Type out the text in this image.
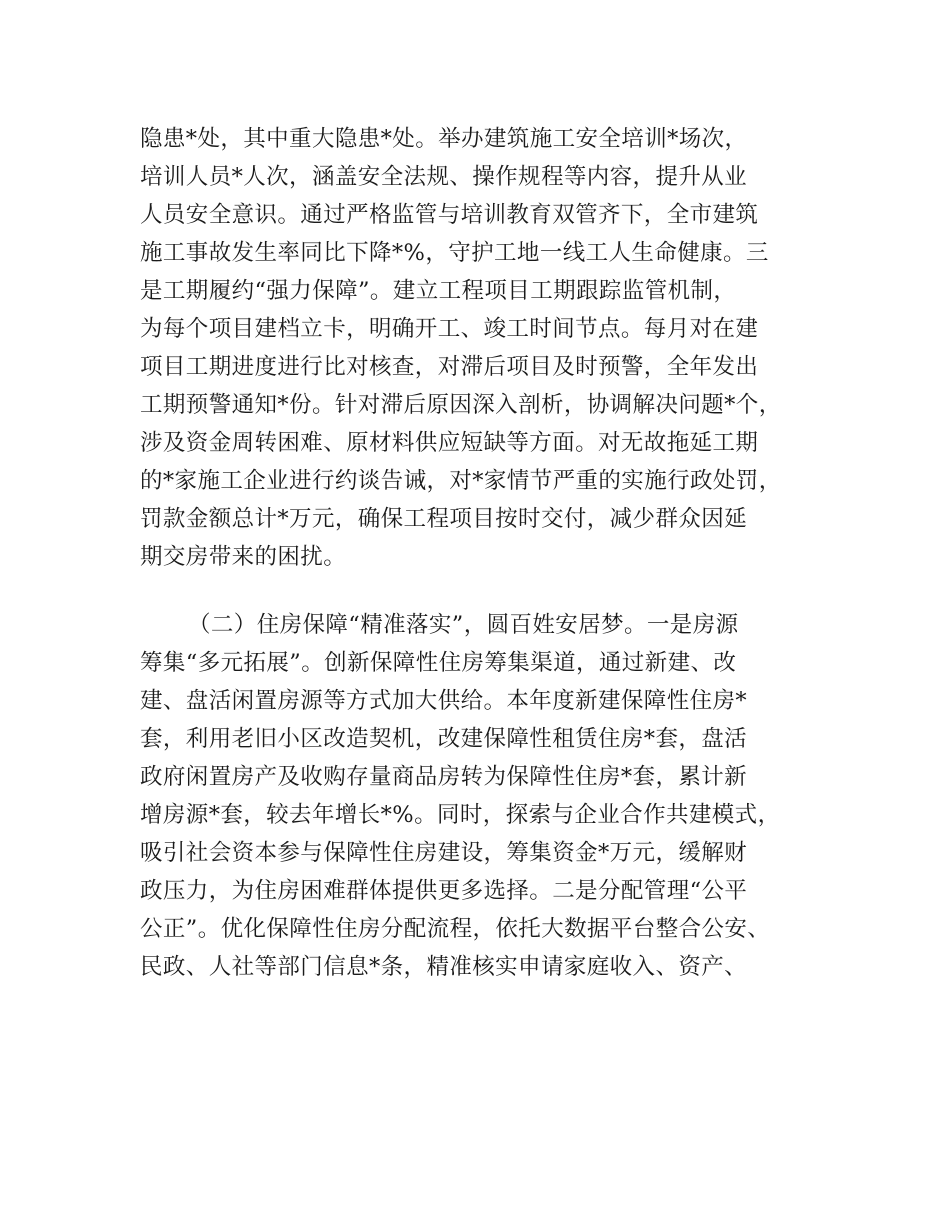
隐患*处，其中重大隐患*处。举办建筑施工安全培训*场次，
培训人员*人次，涵盖安全法规、操作规程等内容，提升从业
人员安全意识。通过严格监管与培训教育双管齐下，全市建筑
施工事故发生率同比下降*%，守护工地一线工人生命健康。三
是工期履约“强力保障”。建立工程项目工期跟踪监管机制，
为每个项目建档立卡，明确开工、竣工时间节点。每月对在建
项目工期进度进行比对核查，对滞后项目及时预警，全年发出
工期预警通知*份。针对滞后原因深入剖析，协调解决问题*个，
涉及资金周转困难、原材料供应短缺等方面。对无故拖延工期
的*家施工企业进行约谈告诫，对*家情节严重的实施行政处罚，
罚款金额总计*万元，确保工程项目按时交付，减少群众因延
期交房带来的困扰。
（二）住房保障“精准落实”，圆百姓安居梦。一是房源
筹集“多元拓展”。创新保障性住房筹集渠道，通过新建、改
建、盘活闲置房源等方式加大供给。本年度新建保障性住房*
套，利用老旧小区改造契机，改建保障性租赁住房*套，盘活
政府闲置房产及收购存量商品房转为保障性住房*套，累计新
增房源*套，较去年增长*%。同时，探索与企业合作共建模式，
吸引社会资本参与保障性住房建设，筹集资金*万元，缓解财
政压力，为住房困难群体提供更多选择。二是分配管理“公平
公正”。优化保障性住房分配流程，依托大数据平台整合公安、
民政、人社等部门信息*条，精准核实申请家庭收入、资产、
